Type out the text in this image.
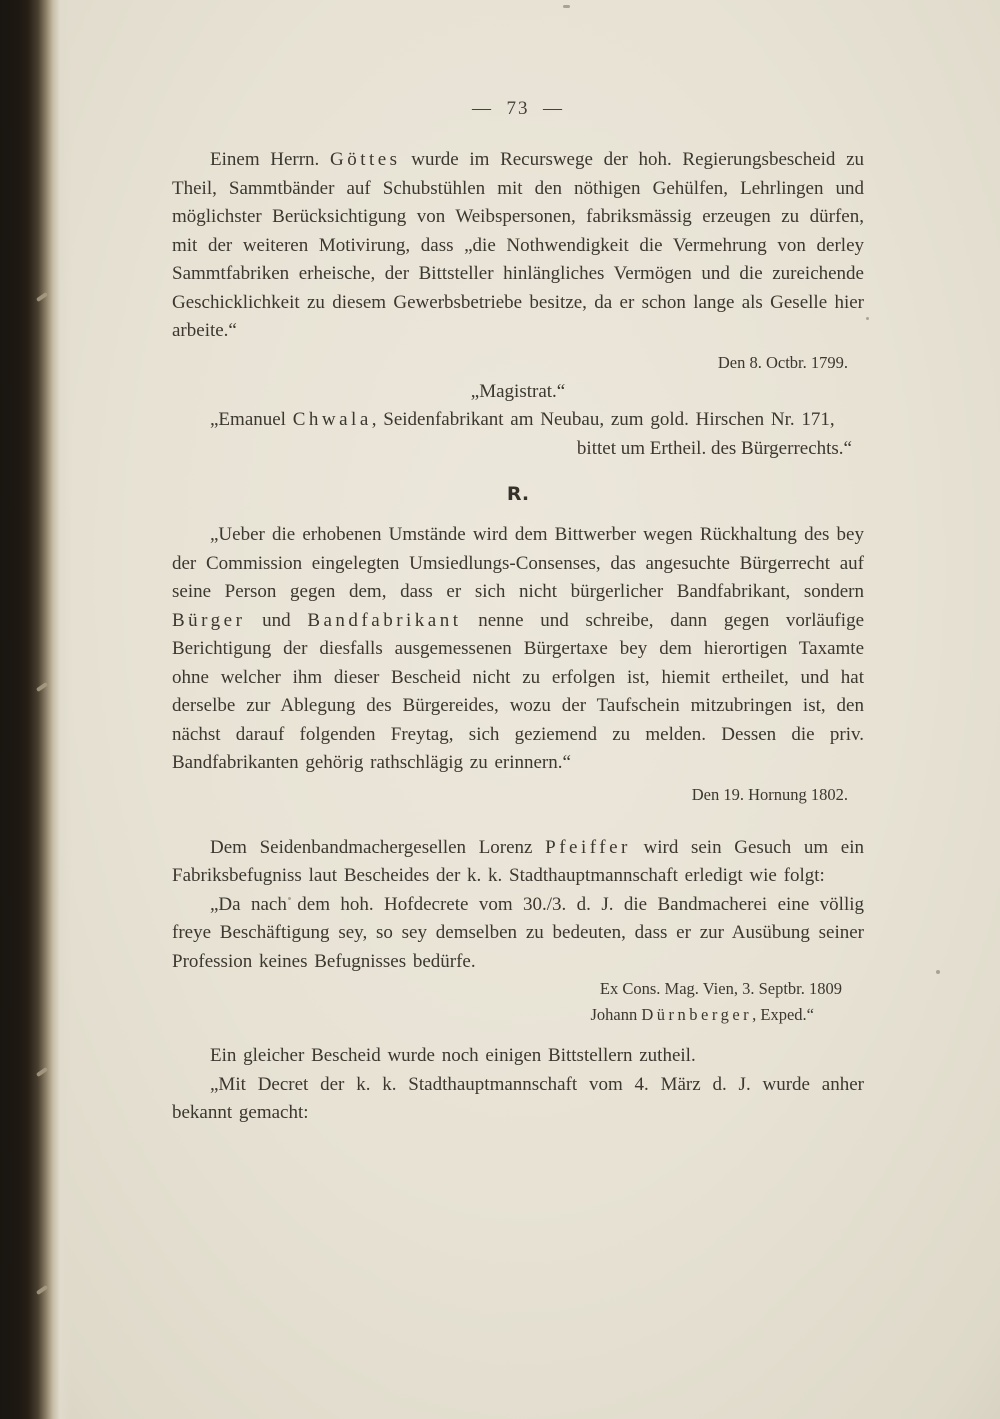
—  73  —

Einem Herrn. Göttes wurde im Recurswege der hoh. Regierungsbescheid zu Theil, Sammtbänder auf Schubstühlen mit den nöthigen Gehülfen, Lehrlingen und möglichster Berücksichtigung von Weibspersonen, fabriksmässig erzeugen zu dürfen, mit der weiteren Motivirung, dass „die Nothwendigkeit die Vermehrung von derley Sammtfabriken erheische, der Bittsteller hinlängliches Vermögen und die zureichende Geschicklichkeit zu diesem Gewerbsbetriebe besitze, da er schon lange als Geselle hier arbeite.“

Den 8. Octbr. 1799.

„Magistrat.“

„Emanuel Chwala, Seidenfabrikant am Neubau, zum gold. Hirschen Nr. 171,

bittet um Ertheil. des Bürgerrechts.“

R.

„Ueber die erhobenen Umstände wird dem Bittwerber wegen Rückhaltung des bey der Commission eingelegten Umsiedlungs-Consenses, das angesuchte Bürgerrecht auf seine Person gegen dem, dass er sich nicht bürgerlicher Bandfabrikant, sondern Bürger und Bandfabrikant nenne und schreibe, dann gegen vorläufige Berichtigung der diesfalls ausgemessenen Bürgertaxe bey dem hierortigen Taxamte ohne welcher ihm dieser Bescheid nicht zu erfolgen ist, hiemit ertheilet, und hat derselbe zur Ablegung des Bürgereides, wozu der Taufschein mitzubringen ist, den nächst darauf folgenden Freytag, sich geziemend zu melden. Dessen die priv. Bandfabrikanten gehörig rathschlägig zu erinnern.“

Den 19. Hornung 1802.

Dem Seidenbandmachergesellen Lorenz Pfeiffer wird sein Gesuch um ein Fabriksbefugniss laut Bescheides der k. k. Stadthauptmannschaft erledigt wie folgt:

„Da nach dem hoh. Hofdecrete vom 30./3. d. J. die Bandmacherei eine völlig freye Beschäftigung sey, so sey demselben zu bedeuten, dass er zur Ausübung seiner Profession keines Befugnisses bedürfe.

Ex Cons. Mag. Vien, 3. Septbr. 1809

Johann Dürnberger, Exped.“

Ein gleicher Bescheid wurde noch einigen Bittstellern zutheil.

„Mit Decret der k. k. Stadthauptmannschaft vom 4. März d. J. wurde anher bekannt gemacht:
